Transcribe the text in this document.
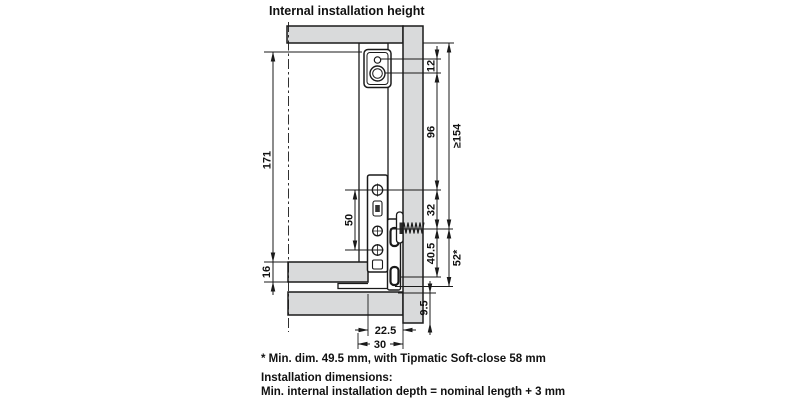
Internal installation height
171
16
50
12
96 ≥154
32
40.5 52*
9.5
22.5
30
* Min. dim. 49.5 mm, with Tipmatic Soft-close 58 mm
Installation dimensions:
Min. internal installation depth = nominal length + 3 mm
